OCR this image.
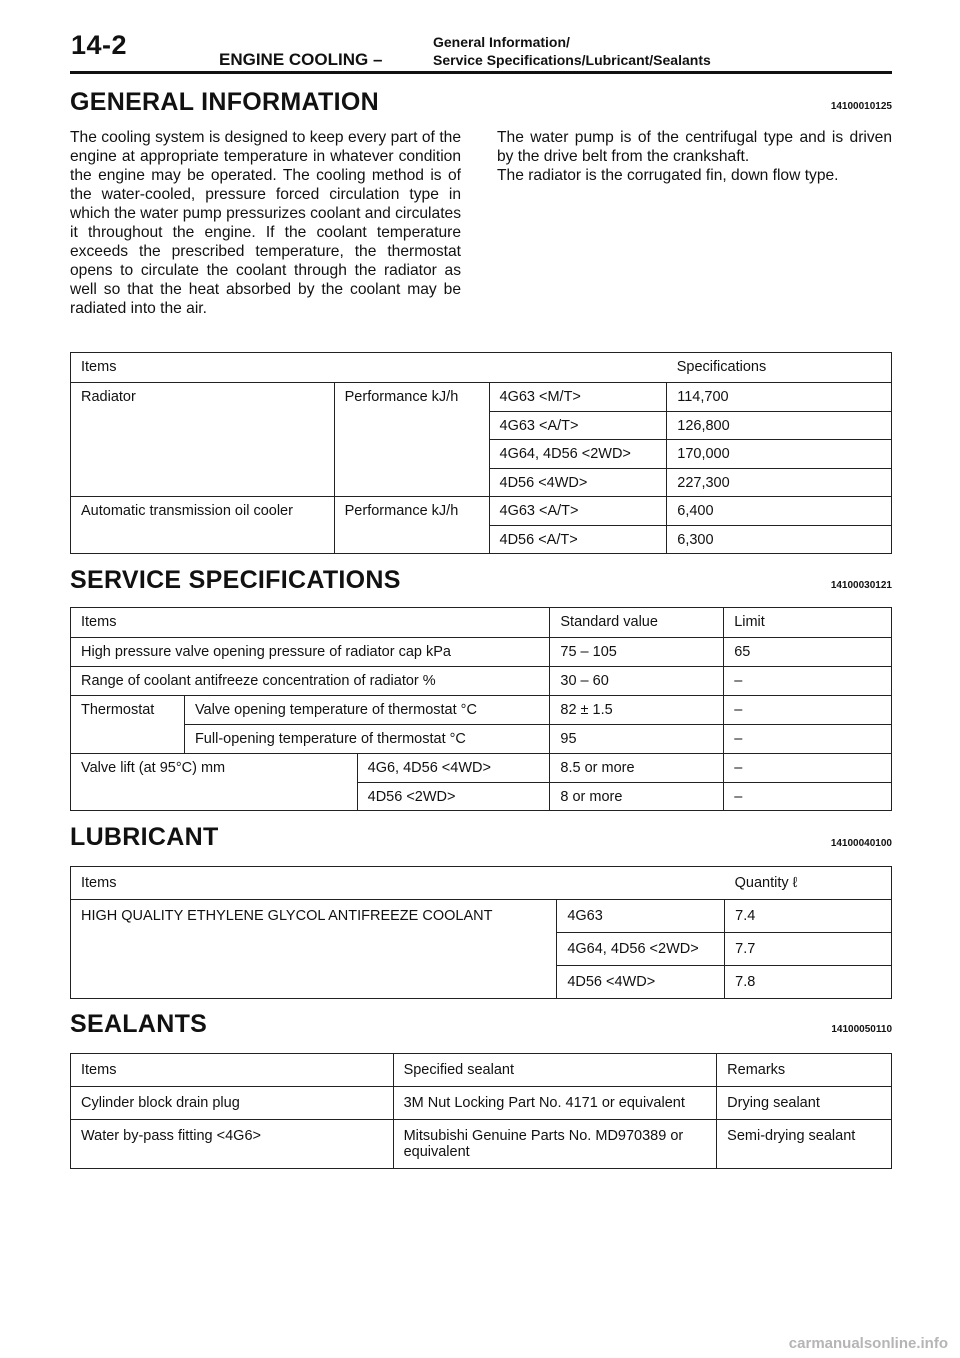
14-2	ENGINE COOLING –
General Information/
Service Specifications/Lubricant/Sealants
GENERAL INFORMATION	14100010125

The cooling system is designed to keep every part of the engine at appropriate temperature in whatever condition the engine may be operated. The cooling method is of the water-cooled, pressure forced circulation type in which the water pump pressurizes coolant and circulates it throughout the engine. If the coolant temperature exceeds the prescribed temperature, the thermostat opens to circulate the coolant through the radiator as well so that the heat absorbed by the coolant may be radiated into the air.

The water pump is of the centrifugal type and is driven by the drive belt from the crankshaft.

The radiator is the corrugated fin, down flow type.

Items			Specifications

Radiator	Performance kJ/h	4G63 <M/T>	114,700

		4G63 <A/T>	126,800

		4G64, 4D56 <2WD>	170,000

		4D56 <4WD>	227,300

Automatic transmission oil cooler	Performance kJ/h	4G63 <A/T>	6,400

		4D56 <A/T>	6,300
SERVICE SPECIFICATIONS	14100030121
Items			Standard value	Limit

High pressure valve opening pressure of radiator cap kPa			75 – 105	65

Range of coolant antifreeze concentration of radiator %			30 – 60	–

Thermostat	Valve opening temperature of thermostat °C		82 ± 1.5	–

	Full-opening temperature of thermostat °C		95	–

Valve lift (at 95°C) mm		4G6, 4D56 <4WD>	8.5 or more	–

		4D56 <2WD>	8 or more	–
LUBRICANT	14100040100
Items		Quantity ℓ

HIGH QUALITY ETHYLENE GLYCOL ANTIFREEZE COOLANT	4G63	7.4

	4G64, 4D56 <2WD>	7.7

	4D56 <4WD>	7.8
SEALANTS	14100050110
Items	Specified sealant	Remarks

Cylinder block drain plug	3M Nut Locking Part No. 4171 or equivalent	Drying sealant

Water by-pass fitting <4G6>	Mitsubishi Genuine Parts No. MD970389 or equivalent	Semi-drying sealant
carmanualsonline.info
